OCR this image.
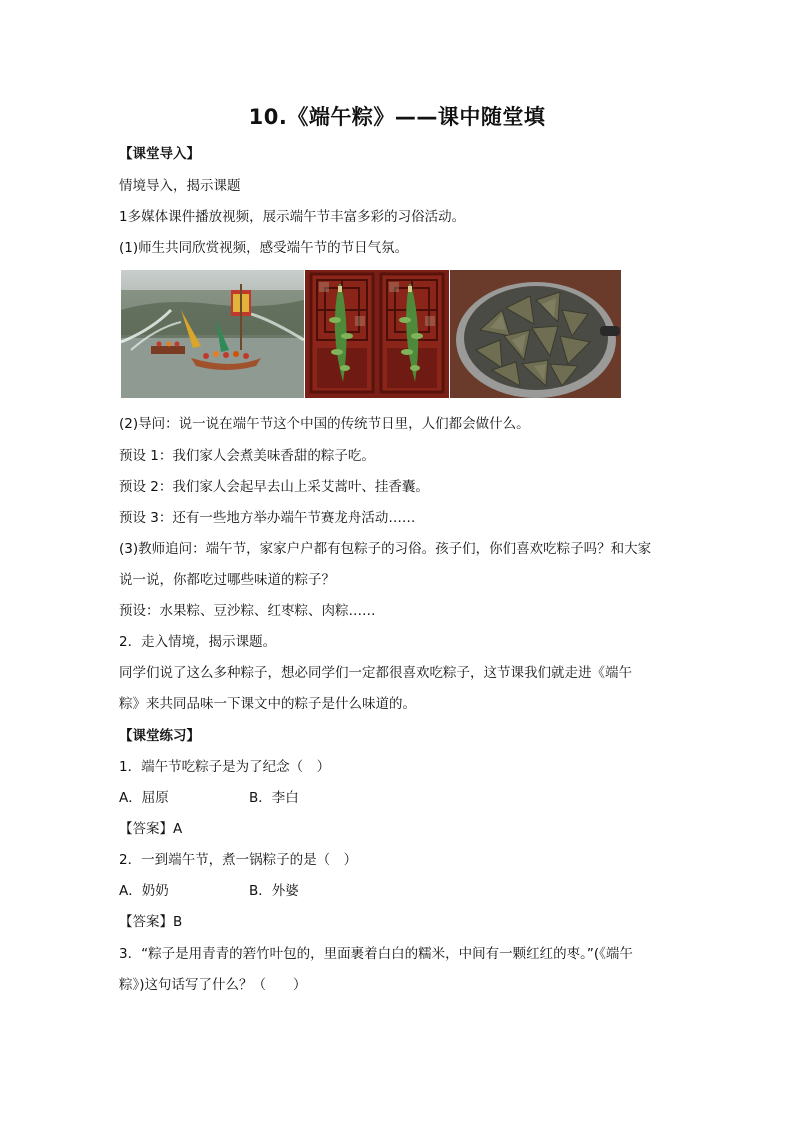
10.《端午粽》——课中随堂填
【课堂导入】
情境导入，揭示课题
1多媒体课件播放视频，展示端午节丰富多彩的习俗活动。
(1)师生共同欣赏视频，感受端午节的节日气氛。
(2)导问：说一说在端午节这个中国的传统节日里，人们都会做什么。
预设 1：我们家人会煮美味香甜的粽子吃。
预设 2：我们家人会起早去山上采艾蒿叶、挂香囊。
预设 3：还有一些地方举办端午节赛龙舟活动……
(3)教师追问：端午节，家家户户都有包粽子的习俗。孩子们，你们喜欢吃粽子吗？和大家
说一说，你都吃过哪些味道的粽子？
预设：水果粽、豆沙粽、红枣粽、肉粽……
2．走入情境，揭示课题。
同学们说了这么多种粽子，想必同学们一定都很喜欢吃粽子，这节课我们就走进《端午
粽》来共同品味一下课文中的粽子是什么味道的。
【课堂练习】
1．端午节吃粽子是为了纪念（　）
A．屈原	B．李白
【答案】A
2．一到端午节，煮一锅粽子的是（　）
A．奶奶	B．外婆
【答案】B
3．“粽子是用青青的箬竹叶包的，里面裹着白白的糯米，中间有一颗红红的枣。”(《端午
粽》)这句话写了什么？（　　）
